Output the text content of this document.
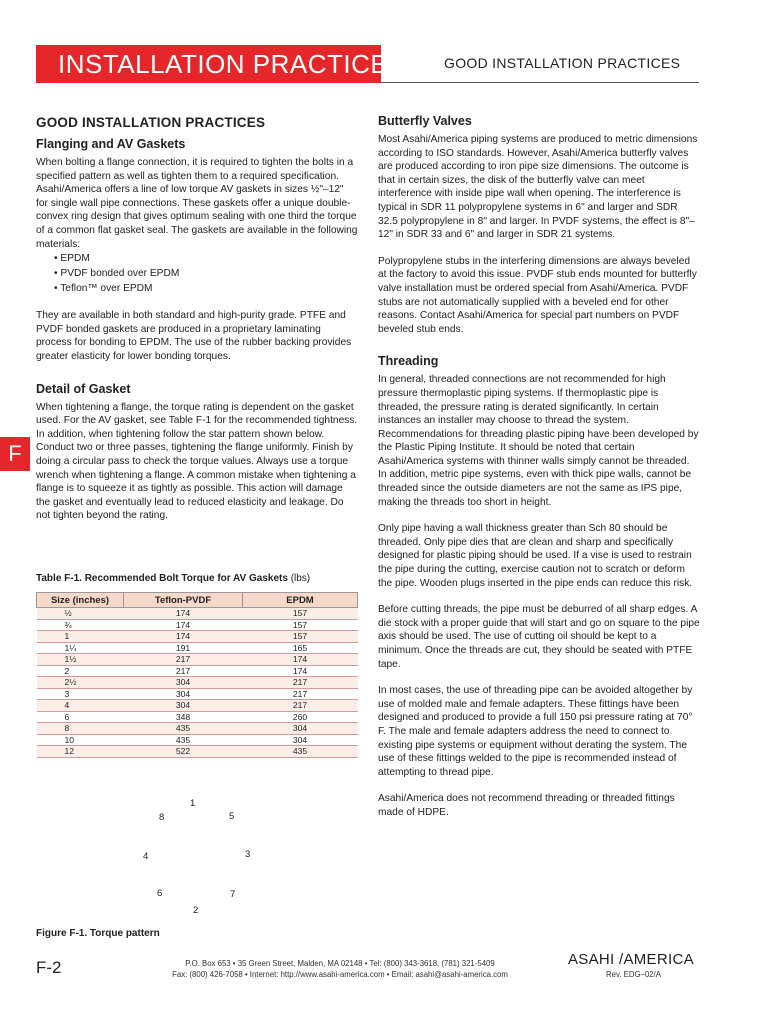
INSTALLATION PRACTICES	GOOD INSTALLATION PRACTICES
F
GOOD INSTALLATION PRACTICES
Flanging and AV Gaskets

When bolting a flange connection, it is required to tighten the bolts in a specified pattern as well as tighten them to a required specification. Asahi/America offers a line of low torque AV gaskets in sizes ½"–12" for single wall pipe connections. These gaskets offer a unique double-convex ring design that gives optimum sealing with one third the torque of a common flat gasket seal. The gaskets are available in the following materials:

• EPDM
• PVDF bonded over EPDM
• Teflon™ over EPDM

They are available in both standard and high-purity grade. PTFE and PVDF bonded gaskets are produced in a proprietary laminating process for bonding to EPDM. The use of the rubber backing provides greater elasticity for lower bonding torques.

Detail of Gasket

When tightening a flange, the torque rating is dependent on the gasket used. For the AV gasket, see Table F-1 for the recommended tightness. In addition, when tightening follow the star pattern shown below. Conduct two or three passes, tightening the flange uniformly. Finish by doing a circular pass to check the torque values. Always use a torque wrench when tightening a flange. A common mistake when tightening a flange is to squeeze it as tightly as possible. This action will damage the gasket and eventually lead to reduced elasticity and leakage. Do not tighten beyond the rating.

Table F-1. Recommended Bolt Torque for AV Gaskets (lbs)
Size (inches)	Teflon-PVDF	EPDM
½	174	157
¾	174	157
1	174	157
1¼	191	165
1½	217	174
2	217	174
2½	304	217
3	304	217
4	304	217
6	348	260
8	435	304
10	435	304
12	522	435
1
2
3
4
5
6	7
8
Figure F-1. Torque pattern
Butterfly Valves

Most Asahi/America piping systems are produced to metric dimensions according to ISO standards. However, Asahi/America butterfly valves are produced according to iron pipe size dimensions. The outcome is that in certain sizes, the disk of the butterfly valve can meet interference with inside pipe wall when opening. The interference is typical in SDR 11 polypropylene systems in 6" and larger and SDR 32.5 polypropylene in 8" and larger. In PVDF systems, the effect is 8"–12" in SDR 33 and 6" and larger in SDR 21 systems.

Polypropylene stubs in the interfering dimensions are always beveled at the factory to avoid this issue. PVDF stub ends mounted for butterfly valve installation must be ordered special from Asahi/America. PVDF stubs are not automatically supplied with a beveled end for other reasons. Contact Asahi/America for special part numbers on PVDF beveled stub ends.

Threading

In general, threaded connections are not recommended for high pressure thermoplastic piping systems. If thermoplastic pipe is threaded, the pressure rating is derated significantly. In certain instances an installer may choose to thread the system. Recommendations for threading plastic piping have been developed by the Plastic Piping Institute. It should be noted that certain Asahi/America systems with thinner walls simply cannot be threaded. In addition, metric pipe systems, even with thick pipe walls, cannot be threaded since the outside diameters are not the same as IPS pipe, making the threads too short in height.

Only pipe having a wall thickness greater than Sch 80 should be threaded. Only pipe dies that are clean and sharp and specifically designed for plastic piping should be used. If a vise is used to restrain the pipe during the cutting, exercise caution not to scratch or deform the pipe. Wooden plugs inserted in the pipe ends can reduce this risk.

Before cutting threads, the pipe must be deburred of all sharp edges. A die stock with a proper guide that will start and go on square to the pipe axis should be used. The use of cutting oil should be kept to a minimum. Once the threads are cut, they should be seated with PTFE tape.

In most cases, the use of threading pipe can be avoided altogether by use of molded male and female adapters. These fittings have been designed and produced to provide a full 150 psi pressure rating at 70° F. The male and female adapters address the need to connect to existing pipe systems or equipment without derating the system. The use of these fittings welded to the pipe is recommended instead of attempting to thread pipe.

Asahi/America does not recommend threading or threaded fittings made of HDPE.

F-2	P.O. Box 653 • 35 Green Street, Malden, MA 02148 • Tel: (800) 343-3618, (781) 321-5409
Fax: (800) 426-7058 • Internet: http://www.asahi-america.com • Email: asahi@asahi-america.com
ASAHI /AMERICA
Rev. EDG–02/A
